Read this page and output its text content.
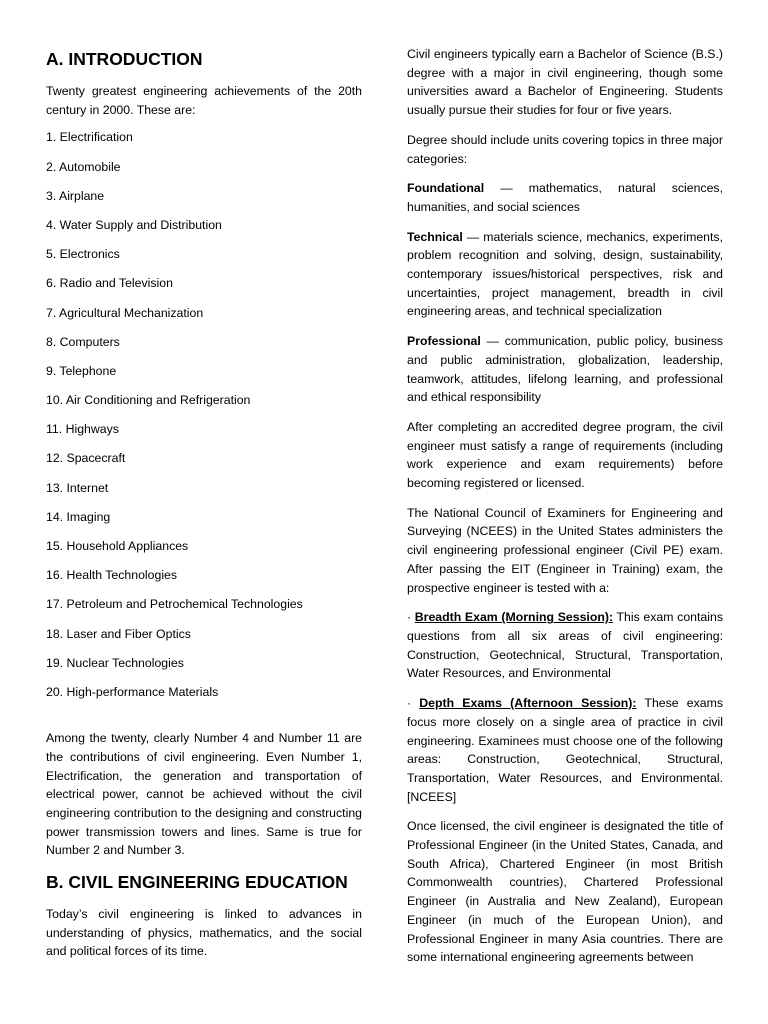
A. INTRODUCTION

Twenty greatest engineering achievements of the 20th century in 2000. These are:

1. Electrification
2. Automobile
3. Airplane
4. Water Supply and Distribution
5. Electronics
6. Radio and Television
7. Agricultural Mechanization
8. Computers
9. Telephone
10. Air Conditioning and Refrigeration
11. Highways
12. Spacecraft
13. Internet
14. Imaging
15. Household Appliances
16. Health Technologies
17. Petroleum and Petrochemical Technologies
18. Laser and Fiber Optics
19. Nuclear Technologies
20. High-performance Materials

Among the twenty, clearly Number 4 and Number 11 are the contributions of civil engineering. Even Number 1, Electrification, the generation and transportation of electrical power, cannot be achieved without the civil engineering contribution to the designing and constructing power transmission towers and lines. Same is true for Number 2 and Number 3.

B. CIVIL ENGINEERING EDUCATION

Today’s civil engineering is linked to advances in understanding of physics, mathematics, and the social and political forces of its time.

Civil engineers typically earn a Bachelor of Science (B.S.) degree with a major in civil engineering, though some universities award a Bachelor of Engineering. Students usually pursue their studies for four or five years.

Degree should include units covering topics in three major categories:

Foundational — mathematics, natural sciences, humanities, and social sciences

Technical — materials science, mechanics, experiments, problem recognition and solving, design, sustainability, contemporary issues/historical perspectives, risk and uncertainties, project management, breadth in civil engineering areas, and technical specialization

Professional — communication, public policy, business and public administration, globalization, leadership, teamwork, attitudes, lifelong learning, and professional and ethical responsibility

After completing an accredited degree program, the civil engineer must satisfy a range of requirements (including work experience and exam requirements) before becoming registered or licensed.

The National Council of Examiners for Engineering and Surveying (NCEES) in the United States administers the civil engineering professional engineer (Civil PE) exam. After passing the EIT (Engineer in Training) exam, the prospective engineer is tested with a:

· Breadth Exam (Morning Session): This exam contains questions from all six areas of civil engineering: Construction, Geotechnical, Structural, Transportation, Water Resources, and Environmental

· Depth Exams (Afternoon Session): These exams focus more closely on a single area of practice in civil engineering. Examinees must choose one of the following areas: Construction, Geotechnical, Structural, Transportation, Water Resources, and Environmental. [NCEES]

Once licensed, the civil engineer is designated the title of Professional Engineer (in the United States, Canada, and South Africa), Chartered Engineer (in most British Commonwealth countries), Chartered Professional Engineer (in Australia and New Zealand), European Engineer (in much of the European Union), and Professional Engineer in many Asia countries. There are some international engineering agreements between
